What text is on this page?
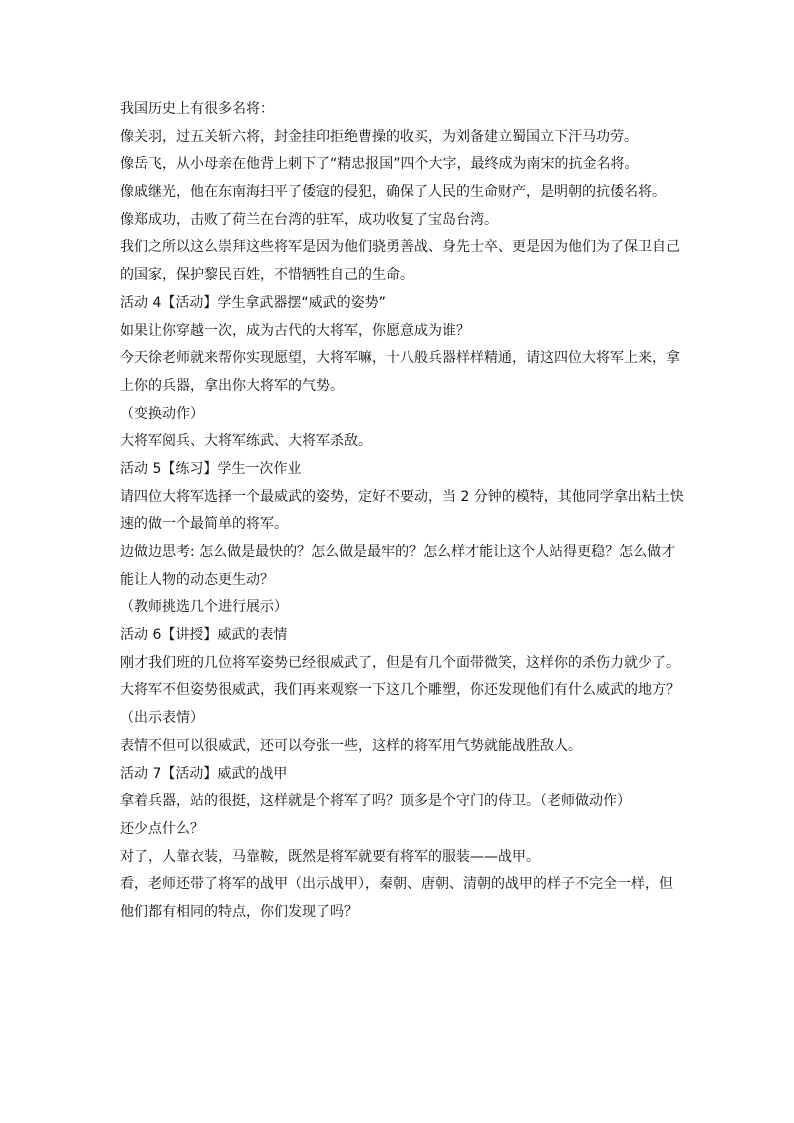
我国历史上有很多名将：
像关羽，过五关斩六将，封金挂印拒绝曹操的收买，为刘备建立蜀国立下汗马功劳。
像岳飞，从小母亲在他背上刺下了“精忠报国”四个大字，最终成为南宋的抗金名将。
像戚继光，他在东南海扫平了倭寇的侵犯，确保了人民的生命财产，是明朝的抗倭名将。
像郑成功，击败了荷兰在台湾的驻军，成功收复了宝岛台湾。
我们之所以这么崇拜这些将军是因为他们骁勇善战、身先士卒、更是因为他们为了保卫自己
的国家，保护黎民百姓，不惜牺牲自己的生命。
活动 4【活动】学生拿武器摆“威武的姿势”
如果让你穿越一次，成为古代的大将军，你愿意成为谁？
今天徐老师就来帮你实现愿望，大将军嘛，十八般兵器样样精通，请这四位大将军上来，拿
上你的兵器，拿出你大将军的气势。
（变换动作）
大将军阅兵、大将军练武、大将军杀敌。
活动 5【练习】学生一次作业
请四位大将军选择一个最威武的姿势，定好不要动，当 2 分钟的模特，其他同学拿出粘土快
速的做一个最简单的将军。
边做边思考: 怎么做是最快的？怎么做是最牢的？怎么样才能让这个人站得更稳？怎么做才
能让人物的动态更生动？
（教师挑选几个进行展示）
活动 6【讲授】威武的表情
刚才我们班的几位将军姿势已经很威武了，但是有几个面带微笑，这样你的杀伤力就少了。
大将军不但姿势很威武，我们再来观察一下这几个雕塑，你还发现他们有什么威武的地方？
（出示表情）
表情不但可以很威武，还可以夸张一些，这样的将军用气势就能战胜敌人。
活动 7【活动】威武的战甲
拿着兵器，站的很挺，这样就是个将军了吗？顶多是个守门的侍卫。（老师做动作）
还少点什么？
对了，人靠衣装，马靠鞍，既然是将军就要有将军的服装——战甲。
看，老师还带了将军的战甲（出示战甲），秦朝、唐朝、清朝的战甲的样子不完全一样，但
他们都有相同的特点，你们发现了吗？
